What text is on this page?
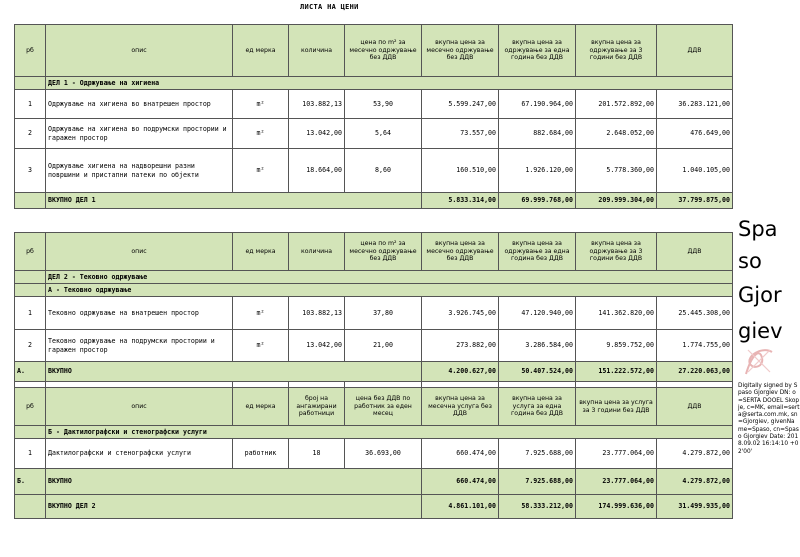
ЛИСТА НА ЦЕНИ
рб	опис	ед мерка	количина	цена по m² за месечно одржување без ДДВ	вкупна цена за месечно одржување без ДДВ	вкупна цена за одржување за една година без ДДВ	вкупна цена за одржување за 3 години без ДДВ	ДДВ
	ДЕЛ 1 - Одржување на хигиена							
1	Одржување на хигиена во внатрешен простор	m²	103.882,13	53,90	5.599.247,00	67.190.964,00	201.572.892,00	36.283.121,00
2	Одржување на хигиена во подрумски простории и гаражен простор	m²	13.042,00	5,64	73.557,00	882.684,00	2.648.052,00	476.649,00
3	Одржување хигиена на надворешни разни површини и пристапни патеки по објекти	m²	18.664,00	8,60	160.510,00	1.926.120,00	5.778.360,00	1.040.105,00
	ВКУПНО ДЕЛ 1				5.833.314,00	69.999.768,00	209.999.304,00	37.799.875,00
рб	опис	ед мерка	количина	цена по m² за месечно одржување без ДДВ	вкупна цена за месечно одржување без ДДВ	вкупна цена за одржување за една година без ДДВ	вкупна цена за одржување за 3 години без ДДВ	ДДВ
	ДЕЛ 2 - Тековно одржување							
	А - Тековно одржување							
1	Тековно одржување на внатрешен простор	m²	103.882,13	37,80	3.926.745,00	47.120.940,00	141.362.820,00	25.445.308,00
2	Тековно одржување на подрумски простории и гаражен простор	m²	13.042,00	21,00	273.882,00	3.286.584,00	9.859.752,00	1.774.755,00
А.	ВКУПНО				4.200.627,00	50.407.524,00	151.222.572,00	27.220.063,00

рб	опис	ед мерка	број на ангажирани работници	цена без ДДВ по работник за еден месец	вкупна цена за месечна услуга без ДДВ	вкупна цена за услуга за една година без ДДВ	вкупна цена за услуга за 3 години без ДДВ	ДДВ
	Б - Дактилографски и стенографски услуги							
1	Дактилографски и стенографски услуги	работник	18	36.693,00	660.474,00	7.925.688,00	23.777.064,00	4.279.872,00
Б.	ВКУПНО				660.474,00	7.925.688,00	23.777.064,00	4.279.872,00
	ВКУПНО ДЕЛ 2				4.861.101,00	58.333.212,00	174.999.636,00	31.499.935,00
Spa
so
Gjor
giev
Digitally signed by Spaso Gjorgiev DN: o=SERTA DOOEL Skopje, c=MK, email=serta@serta.com.mk, sn=Gjorgiev, givenName=Spaso, cn=Spaso Gjorgiev Date: 2018.09.02 16:14:10 +02'00'
